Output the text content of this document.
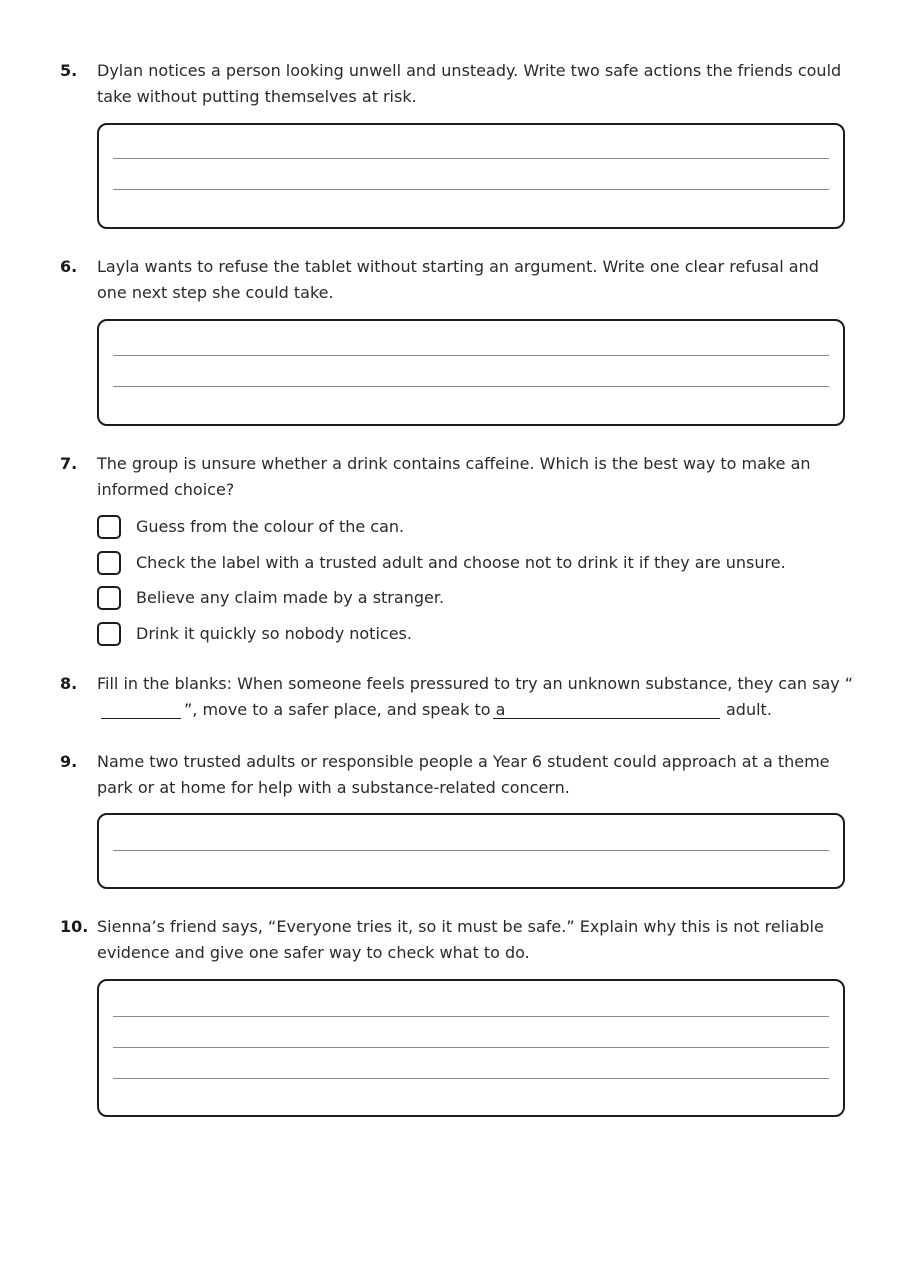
5. Dylan notices a person looking unwell and unsteady. Write two safe actions the friends could take without putting themselves at risk.
6. Layla wants to refuse the tablet without starting an argument. Write one clear refusal and one next step she could take.
7. The group is unsure whether a drink contains caffeine. Which is the best way to make an informed choice?
Guess from the colour of the can.
Check the label with a trusted adult and choose not to drink it if they are unsure.
Believe any claim made by a stranger.
Drink it quickly so nobody notices.
8. Fill in the blanks: When someone feels pressured to try an unknown substance, they can say “
”, move to a safer place, and speak to a	adult.
9. Name two trusted adults or responsible people a Year 6 student could approach at a theme park or at home for help with a substance-related concern.
10. Sienna’s friend says, “Everyone tries it, so it must be safe.” Explain why this is not reliable evidence and give one safer way to check what to do.
